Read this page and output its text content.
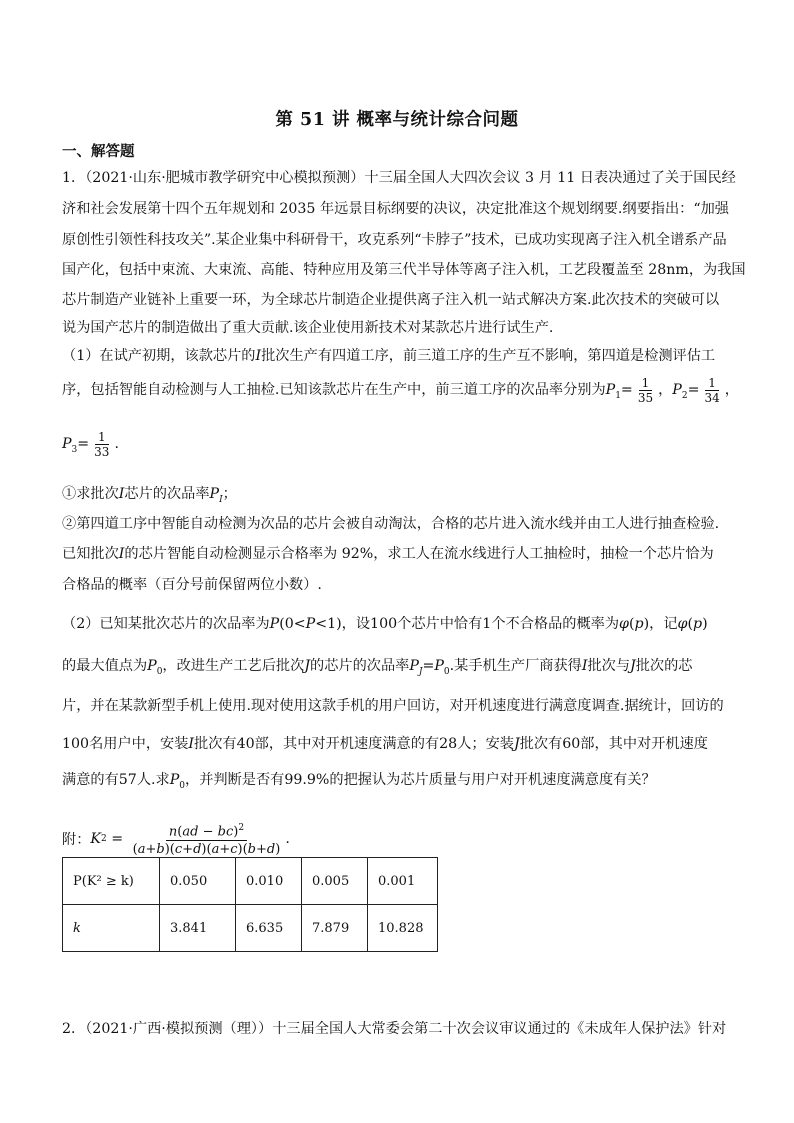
第 51 讲 概率与统计综合问题
一、解答题
1．（2021·山东·肥城市教学研究中心模拟预测）十三届全国人大四次会议 3 月 11 日表决通过了关于国民经
济和社会发展第十四个五年规划和 2035 年远景目标纲要的决议，决定批准这个规划纲要.纲要指出：“加强
原创性引领性科技攻关”.某企业集中科研骨干，攻克系列“卡脖子”技术，已成功实现离子注入机全谱系产品
国产化，包括中束流、大束流、高能、特种应用及第三代半导体等离子注入机，工艺段覆盖至 28nm，为我国
芯片制造产业链补上重要一环，为全球芯片制造企业提供离子注入机一站式解决方案.此次技术的突破可以
说为国产芯片的制造做出了重大贡献.该企业使用新技术对某款芯片进行试生产.
（1）在试产初期，该款芯片的I批次生产有四道工序，前三道工序的生产互不影响，第四道是检测评估工
序，包括智能自动检测与人工抽检.已知该款芯片在生产中，前三道工序的次品率分别为$P_1= \frac{1}{35}$ ，$P_2= \frac{1}{34}$ ，
$P_3= \frac{1}{33}$ .
①求批次I芯片的次品率$P_I$；
②第四道工序中智能自动检测为次品的芯片会被自动淘汰，合格的芯片进入流水线并由工人进行抽查检验.
已知批次I的芯片智能自动检测显示合格率为 92%，求工人在流水线进行人工抽检时，抽检一个芯片恰为
合格品的概率（百分号前保留两位小数）.
（2）已知某批次芯片的次品率为P(0<P<1)，设100个芯片中恰有1个不合格品的概率为φ(p)，记φ(p)
的最大值点为$P_0$，改进生产工艺后批次J的芯片的次品率$P_J=P_0$.某手机生产厂商获得I批次与J批次的芯
片，并在某款新型手机上使用.现对使用这款手机的用户回访，对开机速度进行满意度调查.据统计，回访的
100名用户中，安装I批次有40部，其中对开机速度满意的有28人；安装J批次有60部，其中对开机速度
满意的有57人.求$P_0$，并判断是否有99.9%的把握认为芯片质量与用户对开机速度满意度有关？
附： K $2 = \frac{n(ad - bc)^2}{(a+b)(c+d)(a+c)(b+d)}$ .
P(K² ≥ k)	0.050	0.010	0.005	0.001
k	3.841	6.635	7.879	10.828
2．（2021·广西·模拟预测（理））十三届全国人大常委会第二十次会议审议通过的《未成年人保护法》针对
